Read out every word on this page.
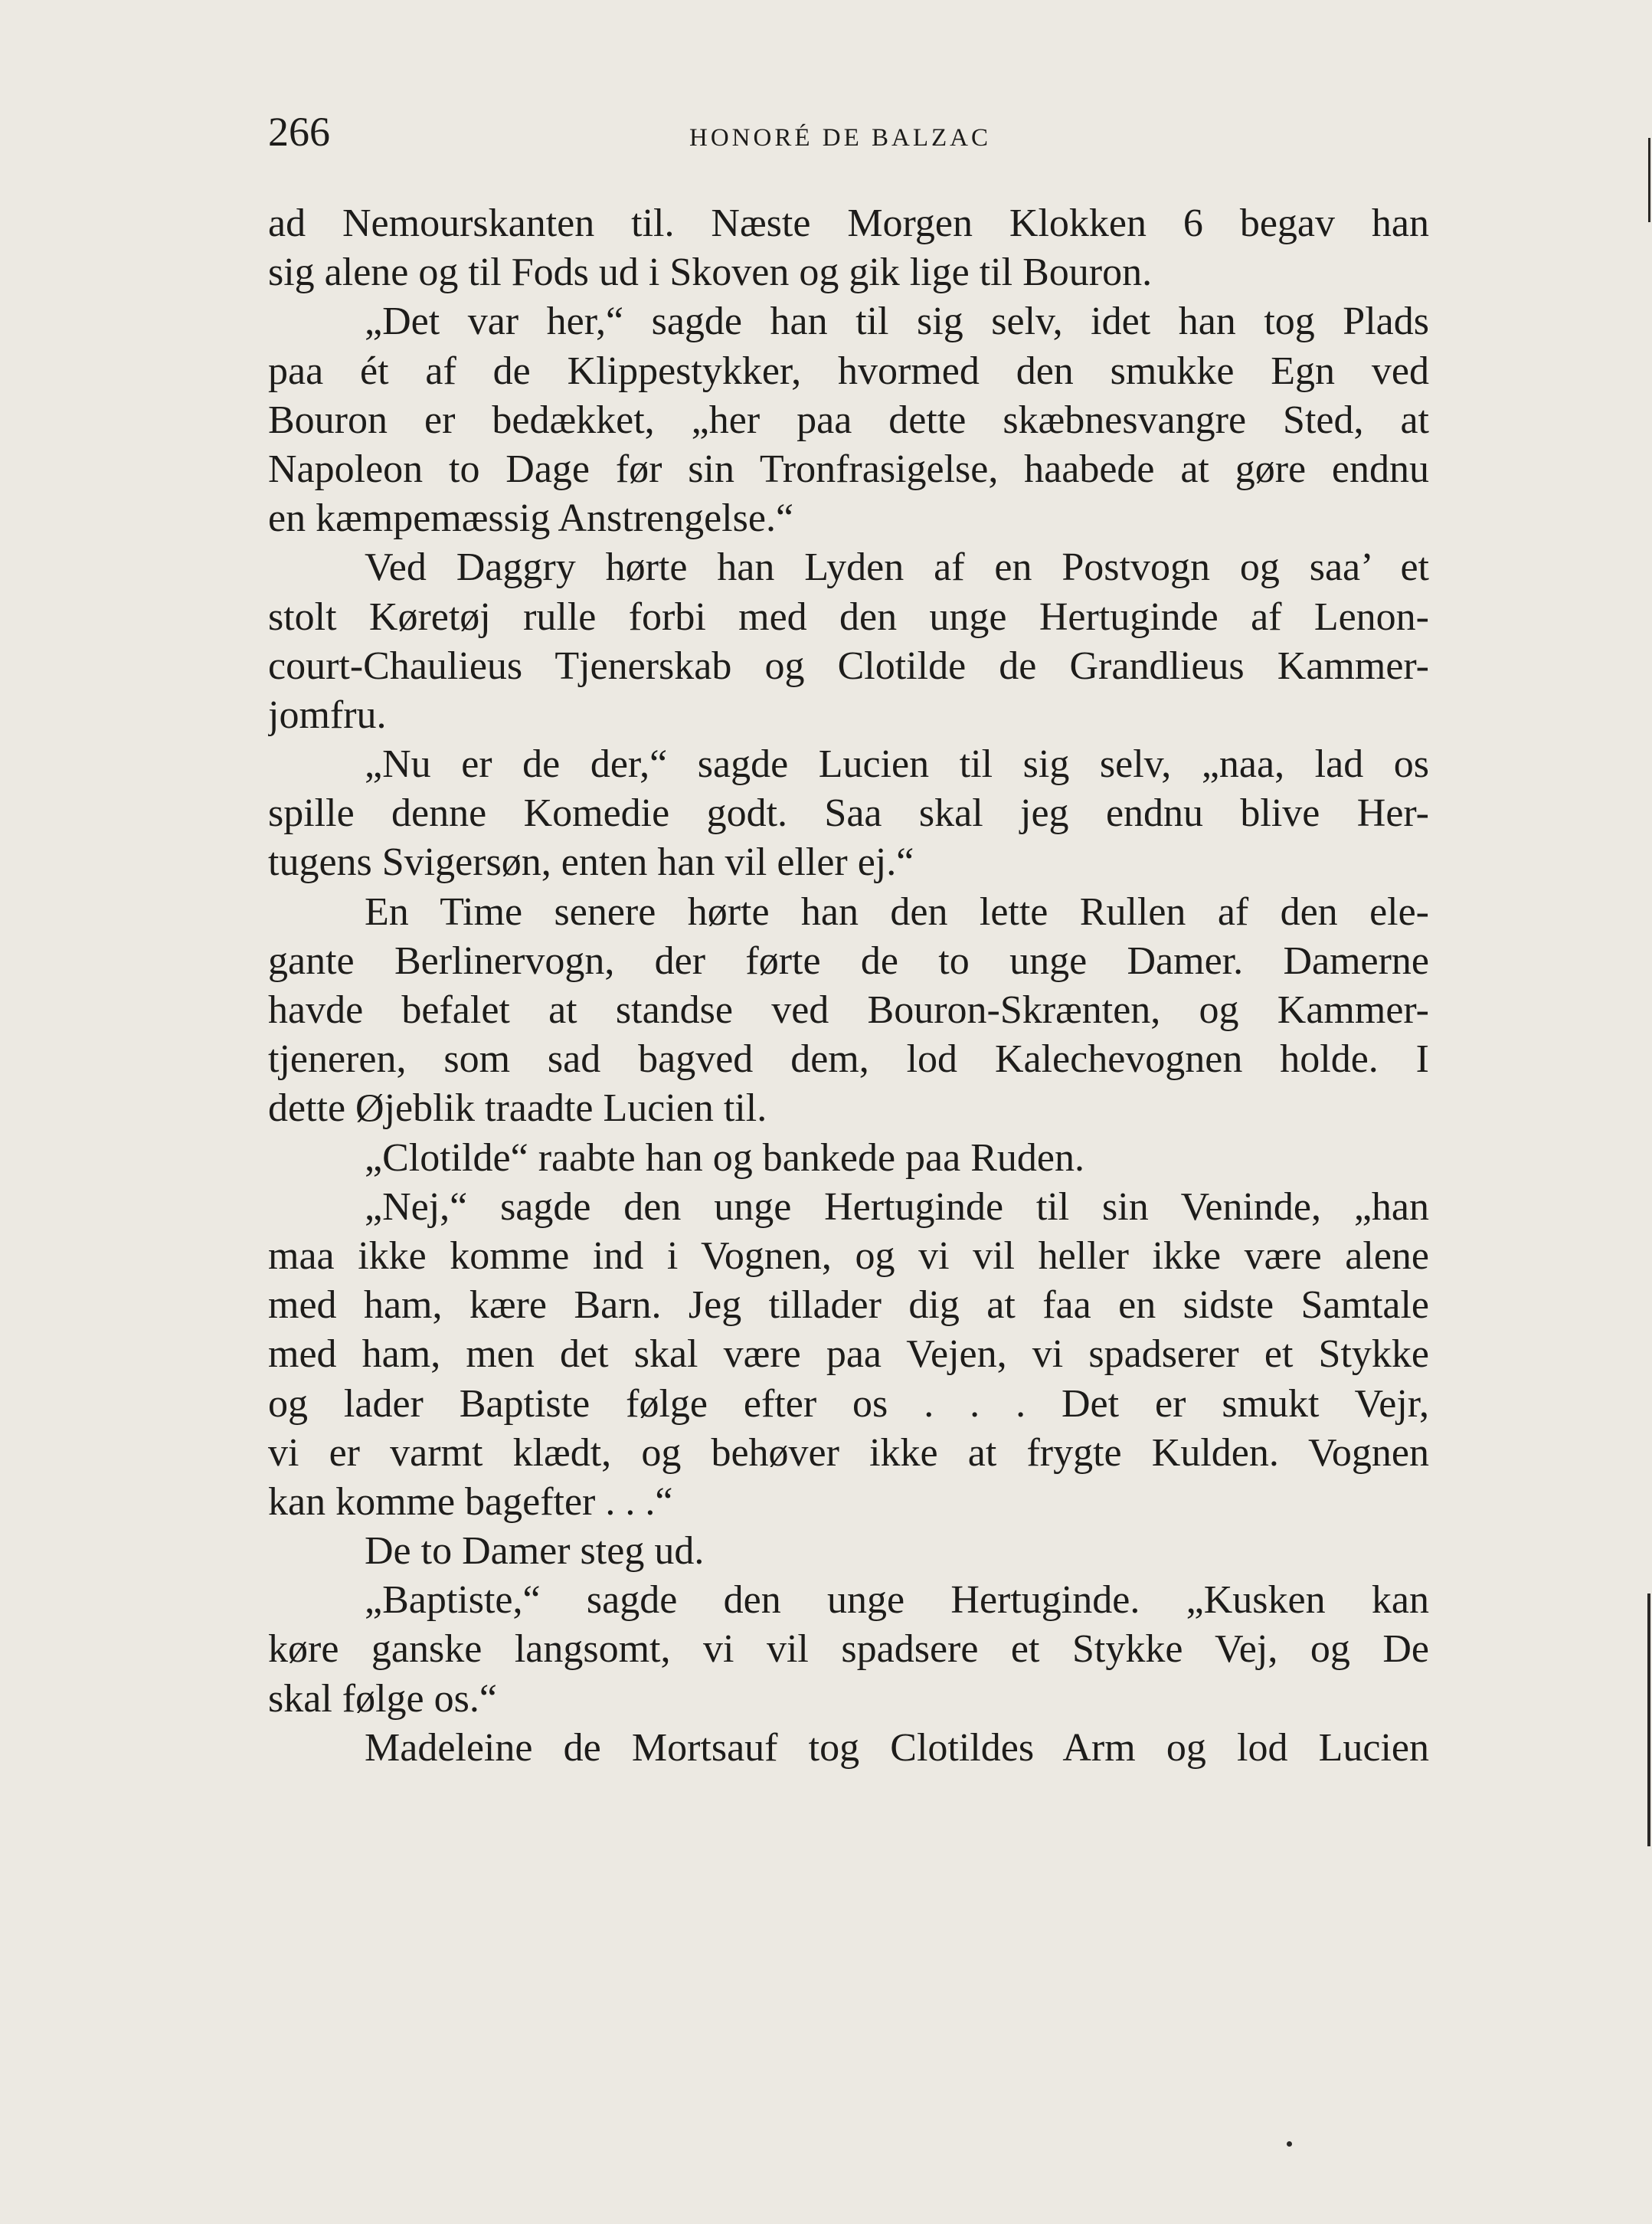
266	HONORÉ DE BALZAC
ad Nemourskanten til. Næste Morgen Klokken 6 begav han
sig alene og til Fods ud i Skoven og gik lige til Bouron.
„Det var her,“ sagde han til sig selv, idet han tog Plads
paa ét af de Klippestykker, hvormed den smukke Egn ved
Bouron er bedækket, „her paa dette skæbnesvangre Sted, at
Napoleon to Dage før sin Tronfrasigelse, haabede at gøre endnu
en kæmpemæssig Anstrengelse.“
Ved Daggry hørte han Lyden af en Postvogn og saa’ et
stolt Køretøj rulle forbi med den unge Hertuginde af Lenon-
court-Chaulieus Tjenerskab og Clotilde de Grandlieus Kammer-
jomfru.
„Nu er de der,“ sagde Lucien til sig selv, „naa, lad os
spille denne Komedie godt. Saa skal jeg endnu blive Her-
tugens Svigersøn, enten han vil eller ej.“
En Time senere hørte han den lette Rullen af den ele-
gante Berlinervogn, der førte de to unge Damer. Damerne
havde befalet at standse ved Bouron-Skrænten, og Kammer-
tjeneren, som sad bagved dem, lod Kalechevognen holde. I
dette Øjeblik traadte Lucien til.
„Clotilde“ raabte han og bankede paa Ruden.
„Nej,“ sagde den unge Hertuginde til sin Veninde, „han
maa ikke komme ind i Vognen, og vi vil heller ikke være alene
med ham, kære Barn. Jeg tillader dig at faa en sidste Samtale
med ham, men det skal være paa Vejen, vi spadserer et Stykke
og lader Baptiste følge efter os . . . Det er smukt Vejr,
vi er varmt klædt, og behøver ikke at frygte Kulden. Vognen
kan komme bagefter . . .“
De to Damer steg ud.
„Baptiste,“ sagde den unge Hertuginde. „Kusken kan
køre ganske langsomt, vi vil spadsere et Stykke Vej, og De
skal følge os.“
Madeleine de Mortsauf tog Clotildes Arm og lod Lucien
